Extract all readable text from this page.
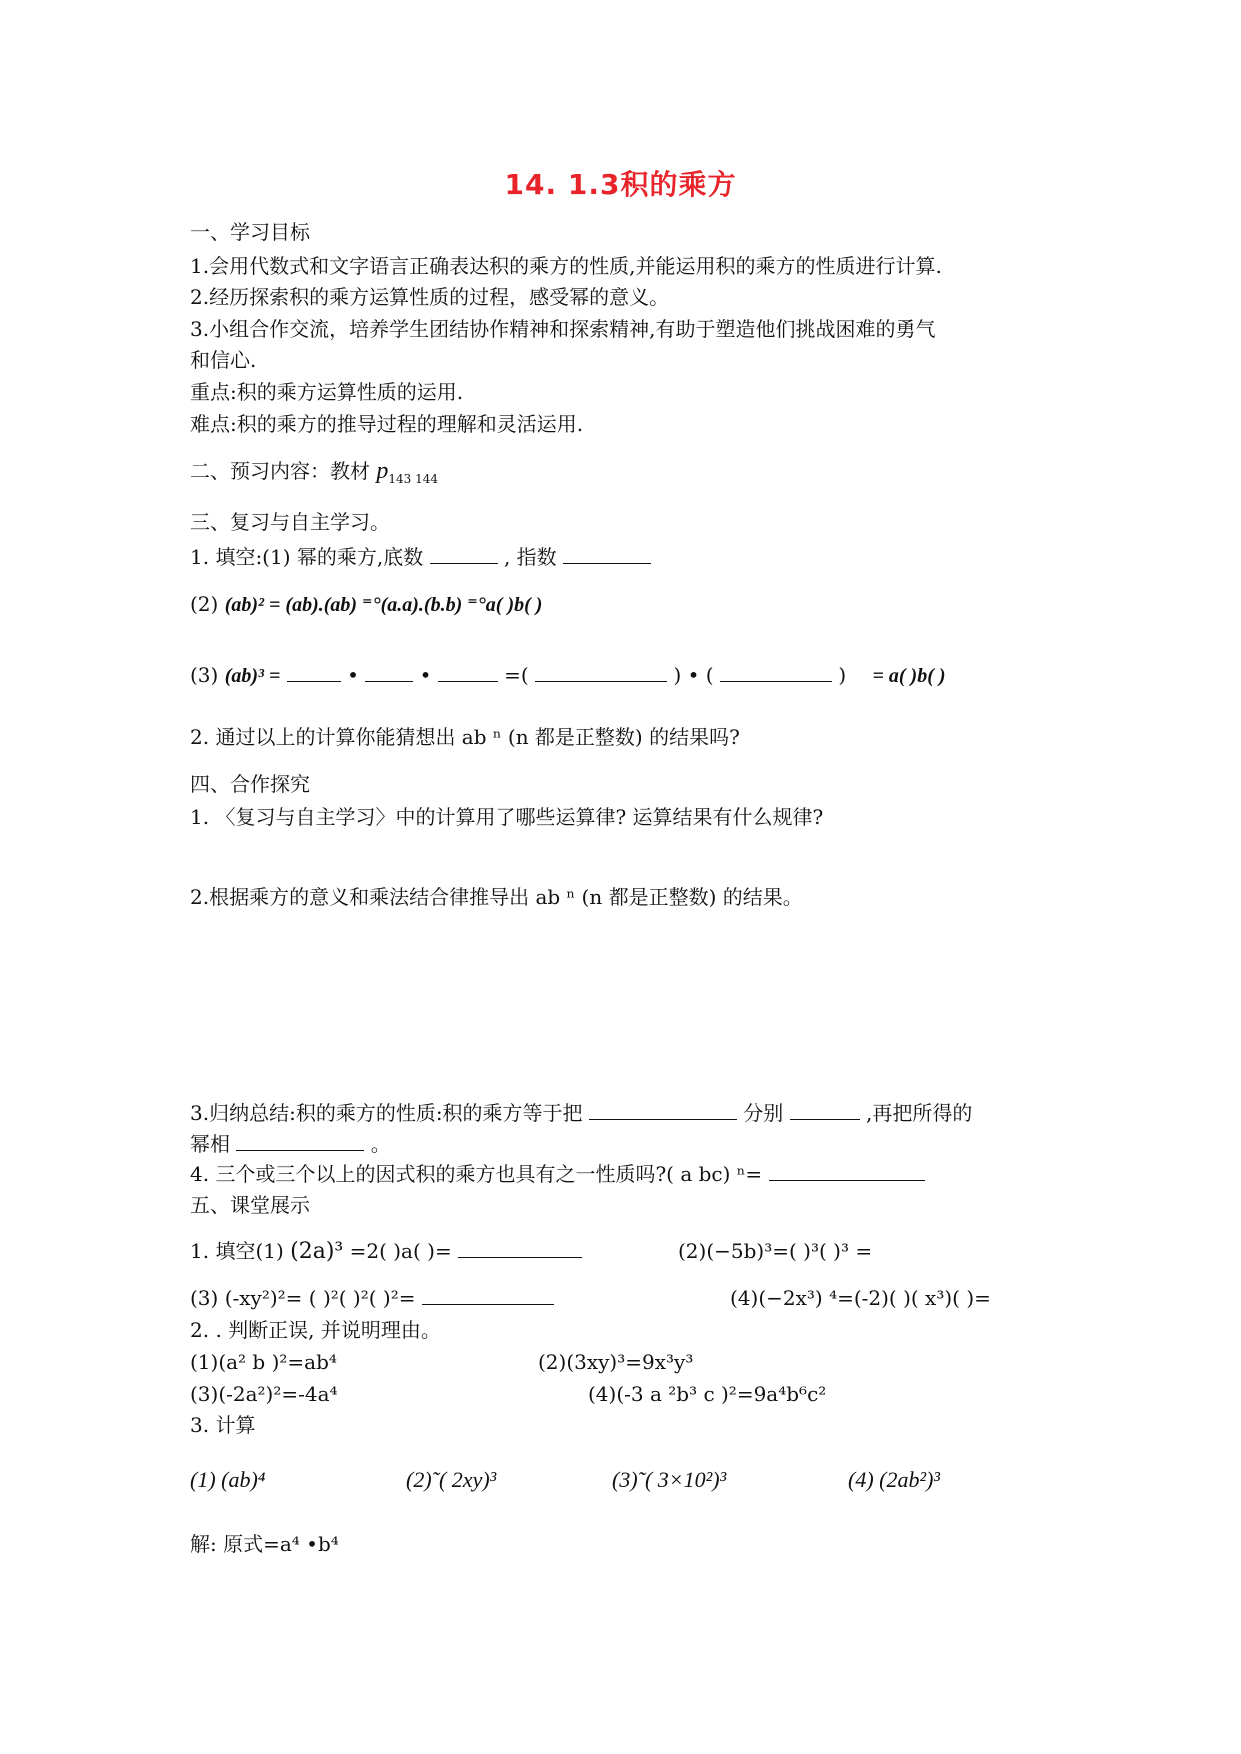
14. 1.3积的乘方
一、学习目标
1.会用代数式和文字语言正确表达积的乘方的性质,并能运用积的乘方的性质进行计算.
2.经历探索积的乘方运算性质的过程，感受幂的意义。
3.小组合作交流，培养学生团结协作精神和探索精神,有助于塑造他们挑战困难的勇气
和信心.
重点:积的乘方运算性质的运用.
难点:积的乘方的推导过程的理解和灵活运用.
二、预习内容：教材 $p_{143 144}$
三、复习与自主学习。
1. 填空:(1) 幂的乘方,底数	, 指数
(2) (ab)² = (ab).(ab) ⁼°(a.a).(b.b) ⁼°a( )b( )
(3) (ab)³ =	•	•	=(	) • (	) = a( )b( )
2. 通过以上的计算你能猜想出 ab ⁿ (n 都是正整数) 的结果吗?
四、合作探究
1. 〈复习与自主学习〉中的计算用了哪些运算律? 运算结果有什么规律?
2.根据乘方的意义和乘法结合律推导出 ab ⁿ (n 都是正整数) 的结果。
3.归纳总结:积的乘方的性质:积的乘方等于把	分别	,再把所得的
幂相	。
4. 三个或三个以上的因式积的乘方也具有之一性质吗?( a bc) ⁿ=
五、课堂展示
1. 填空(1) (2a)³ =2( )a( )=	(2)(−5b)³=( )³( )³ =
(3) (-xy²)²= ( )²( )²( )²=	(4)(−2x³) ⁴=(-2)( )( x³)( )=
2. . 判断正误, 并说明理由。
(1)(a² b )²=ab⁴	(2)(3xy)³=9x³y³
(3)(-2a²)²=-4a⁴	(4)(-3 a ²b³ c )²=9a⁴b⁶c²
3. 计算
(1) (ab)⁴	(2)˜( 2xy)³	(3)˜( 3×10²)³	(4) (2ab²)³
解: 原式=a⁴ •b⁴
